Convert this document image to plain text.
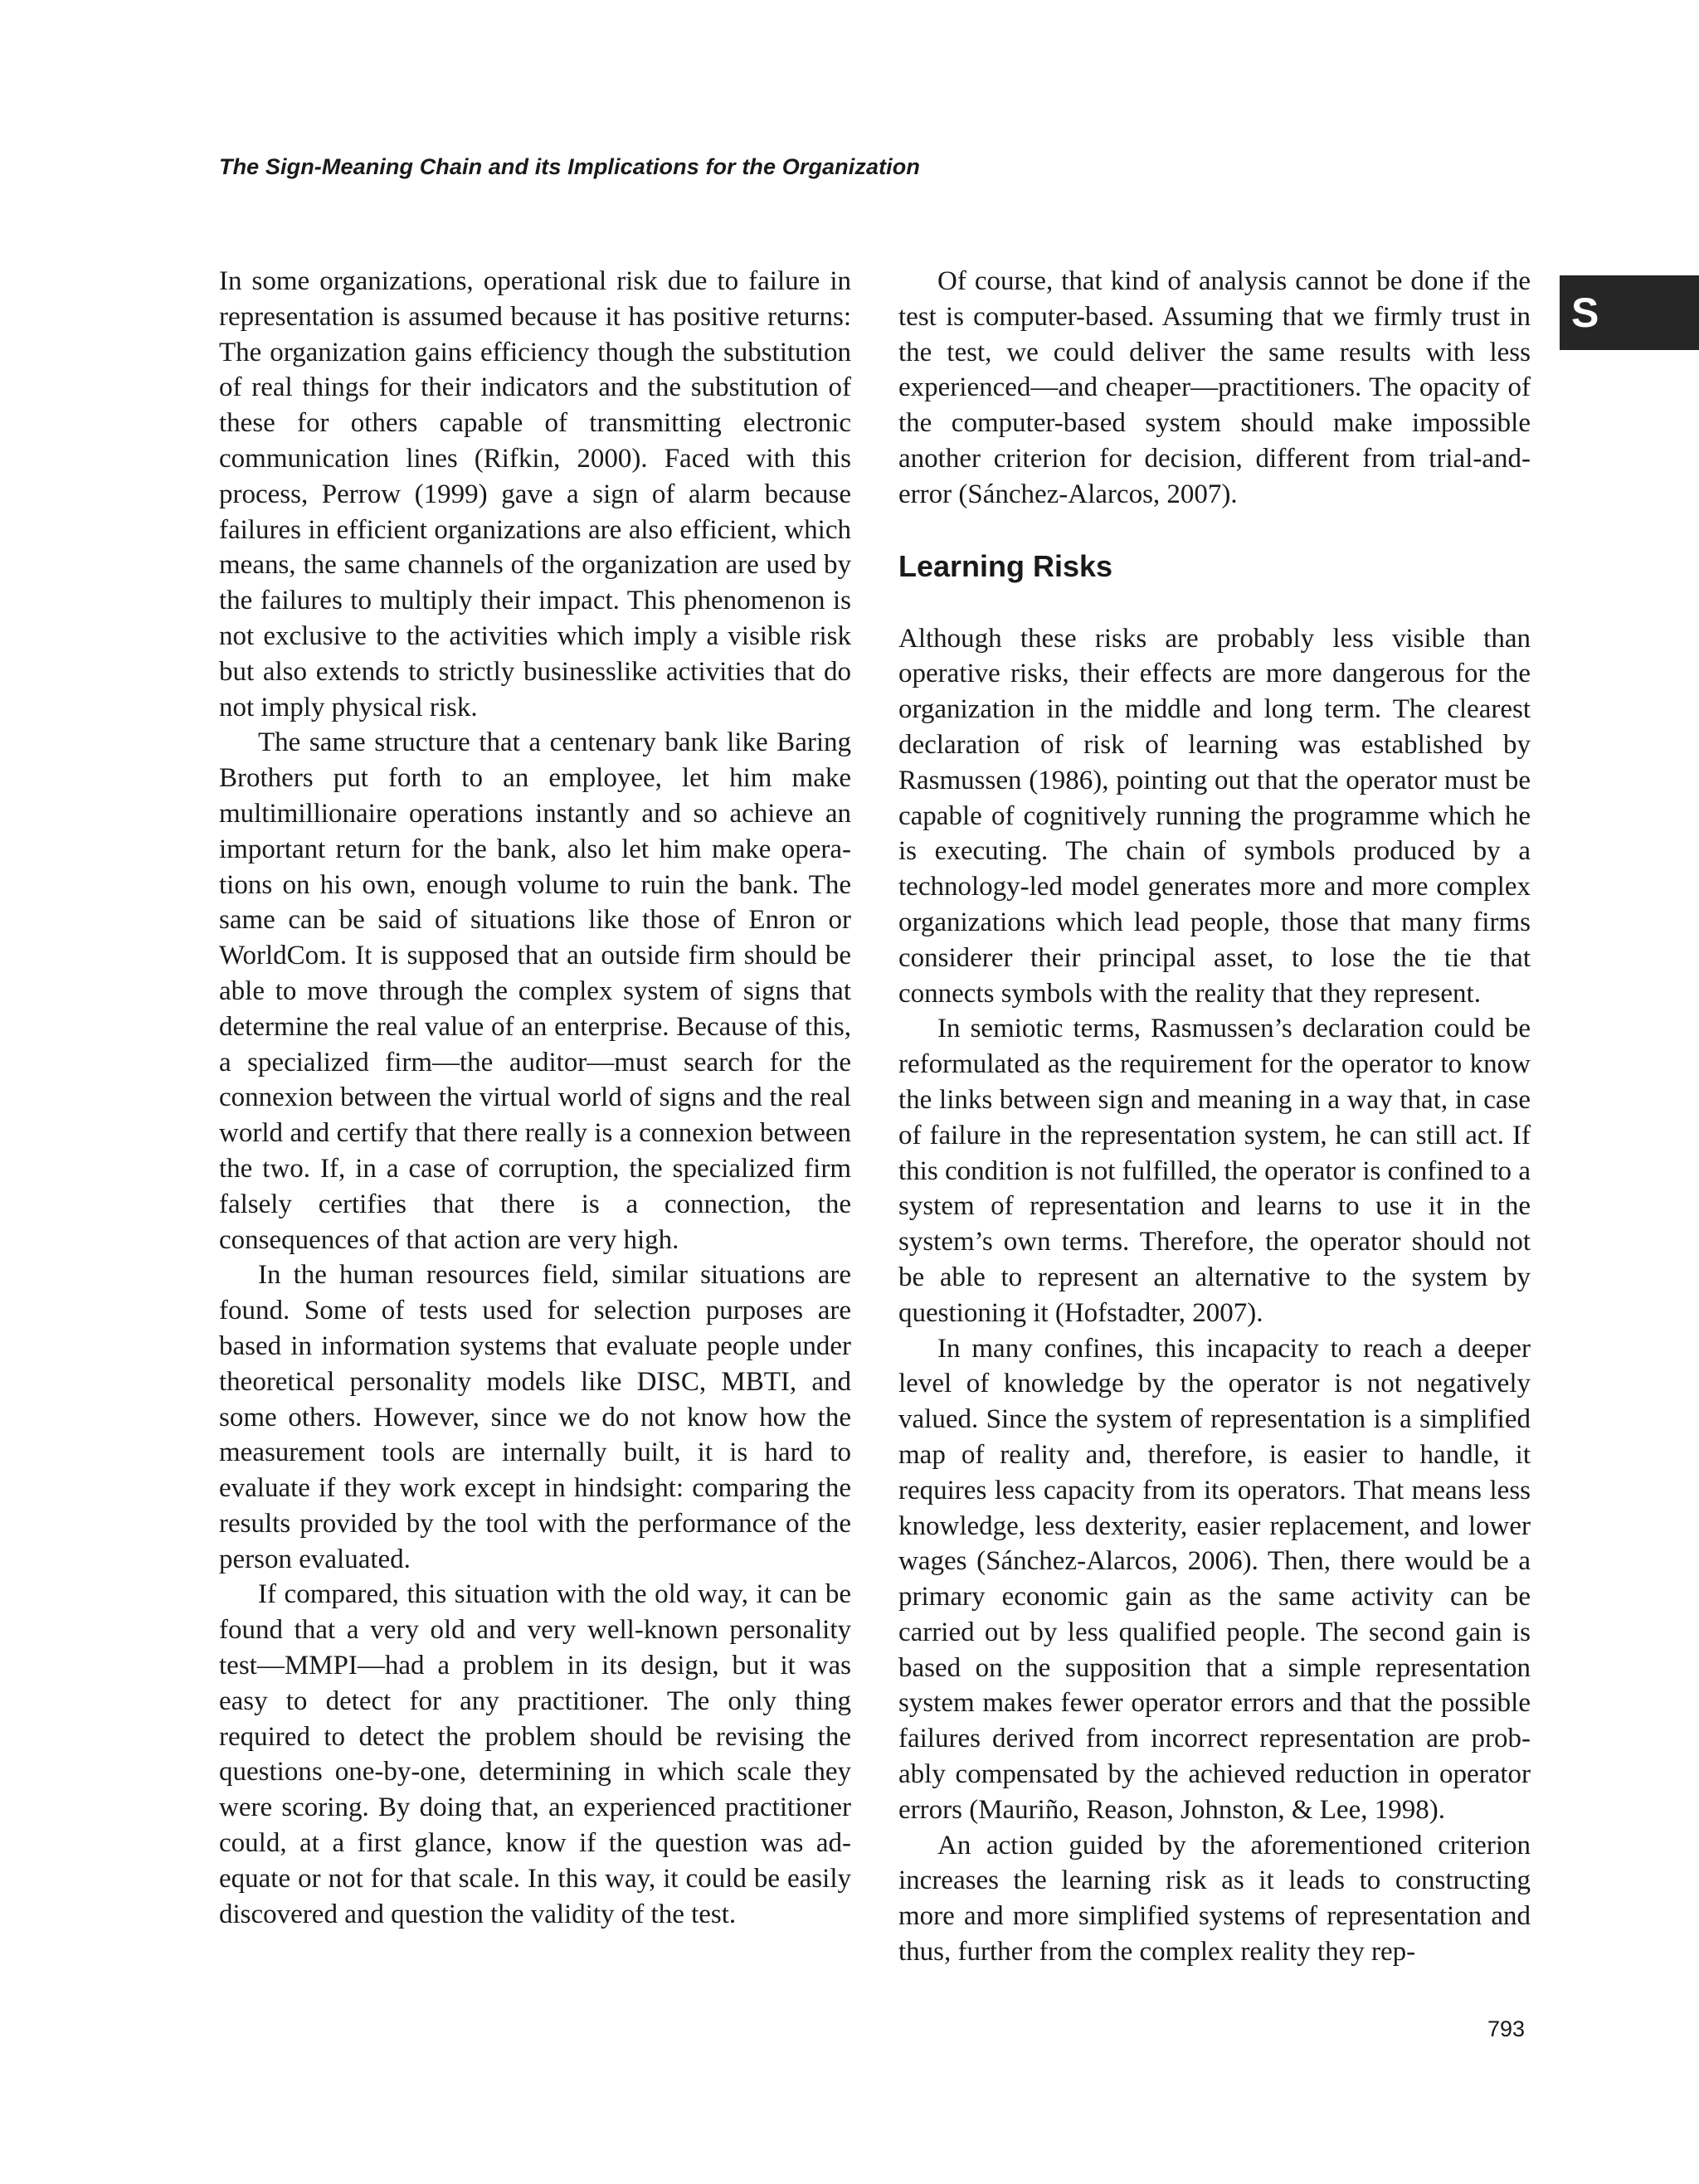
The Sign-Meaning Chain and its Implications for the Organization
S

In some organizations, operational risk due to failure in representation is assumed because it has positive returns: The organization gains efficiency though the substitution of real things for their indicators and the substitution of these for others capable of transmitting electronic communication lines (Rifkin, 2000). Faced with this process, Perrow (1999) gave a sign of alarm because failures in efficient organizations are also efficient, which means, the same channels of the organization are used by the failures to multiply their impact. This phenomenon is not exclusive to the activities which imply a visible risk but also extends to strictly businesslike activities that do not imply physical risk.

The same structure that a centenary bank like Baring Brothers put forth to an employee, let him make multimillionaire operations instantly and so achieve an important return for the bank, also let him make operations on his own, enough volume to ruin the bank. The same can be said of situations like those of Enron or WorldCom. It is supposed that an outside firm should be able to move through the complex system of signs that determine the real value of an enterprise. Because of this, a specialized firm—the auditor—must search for the connexion between the virtual world of signs and the real world and certify that there really is a connexion between the two. If, in a case of corruption, the specialized firm falsely certifies that there is a connection, the consequences of that action are very high.

In the human resources field, similar situations are found. Some of tests used for selection purposes are based in information systems that evaluate people under theoretical personality models like DISC, MBTI, and some others. However, since we do not know how the measurement tools are internally built, it is hard to evaluate if they work except in hindsight: comparing the results provided by the tool with the performance of the person evaluated.

If compared, this situation with the old way, it can be found that a very old and very well-known personality test—MMPI—had a problem in its design, but it was easy to detect for any practitioner. The only thing required to detect the problem should be revising the questions one-by-one, determining in which scale they were scoring. By doing that, an experienced practitioner could, at a first glance, know if the question was adequate or not for that scale. In this way, it could be easily discovered and question the validity of the test.

Of course, that kind of analysis cannot be done if the test is computer-based. Assuming that we firmly trust in the test, we could deliver the same results with less experienced—and cheaper—practitioners. The opacity of the computer-based system should make impossible another criterion for decision, different from trial-and-error (Sánchez-Alarcos, 2007).

Learning Risks

Although these risks are probably less visible than operative risks, their effects are more dangerous for the organization in the middle and long term. The clearest declaration of risk of learning was established by Rasmussen (1986), pointing out that the operator must be capable of cognitively running the programme which he is executing. The chain of symbols produced by a technology-led model generates more and more complex organizations which lead people, those that many firms considerer their principal asset, to lose the tie that connects symbols with the reality that they represent.

In semiotic terms, Rasmussen’s declaration could be reformulated as the requirement for the operator to know the links between sign and meaning in a way that, in case of failure in the representation system, he can still act. If this condition is not fulfilled, the operator is confined to a system of representation and learns to use it in the system’s own terms. Therefore, the operator should not be able to represent an alternative to the system by questioning it (Hofstadter, 2007).

In many confines, this incapacity to reach a deeper level of knowledge by the operator is not negatively valued. Since the system of representation is a simplified map of reality and, therefore, is easier to handle, it requires less capacity from its operators. That means less knowledge, less dexterity, easier replacement, and lower wages (Sánchez-Alarcos, 2006). Then, there would be a primary economic gain as the same activity can be carried out by less qualified people. The second gain is based on the supposition that a simple representation system makes fewer operator errors and that the possible failures derived from incorrect representation are probably compensated by the achieved reduction in operator errors (Mauriño, Reason, Johnston, & Lee, 1998).

An action guided by the aforementioned criterion increases the learning risk as it leads to constructing more and more simplified systems of representation and thus, further from the complex reality they rep-

793
